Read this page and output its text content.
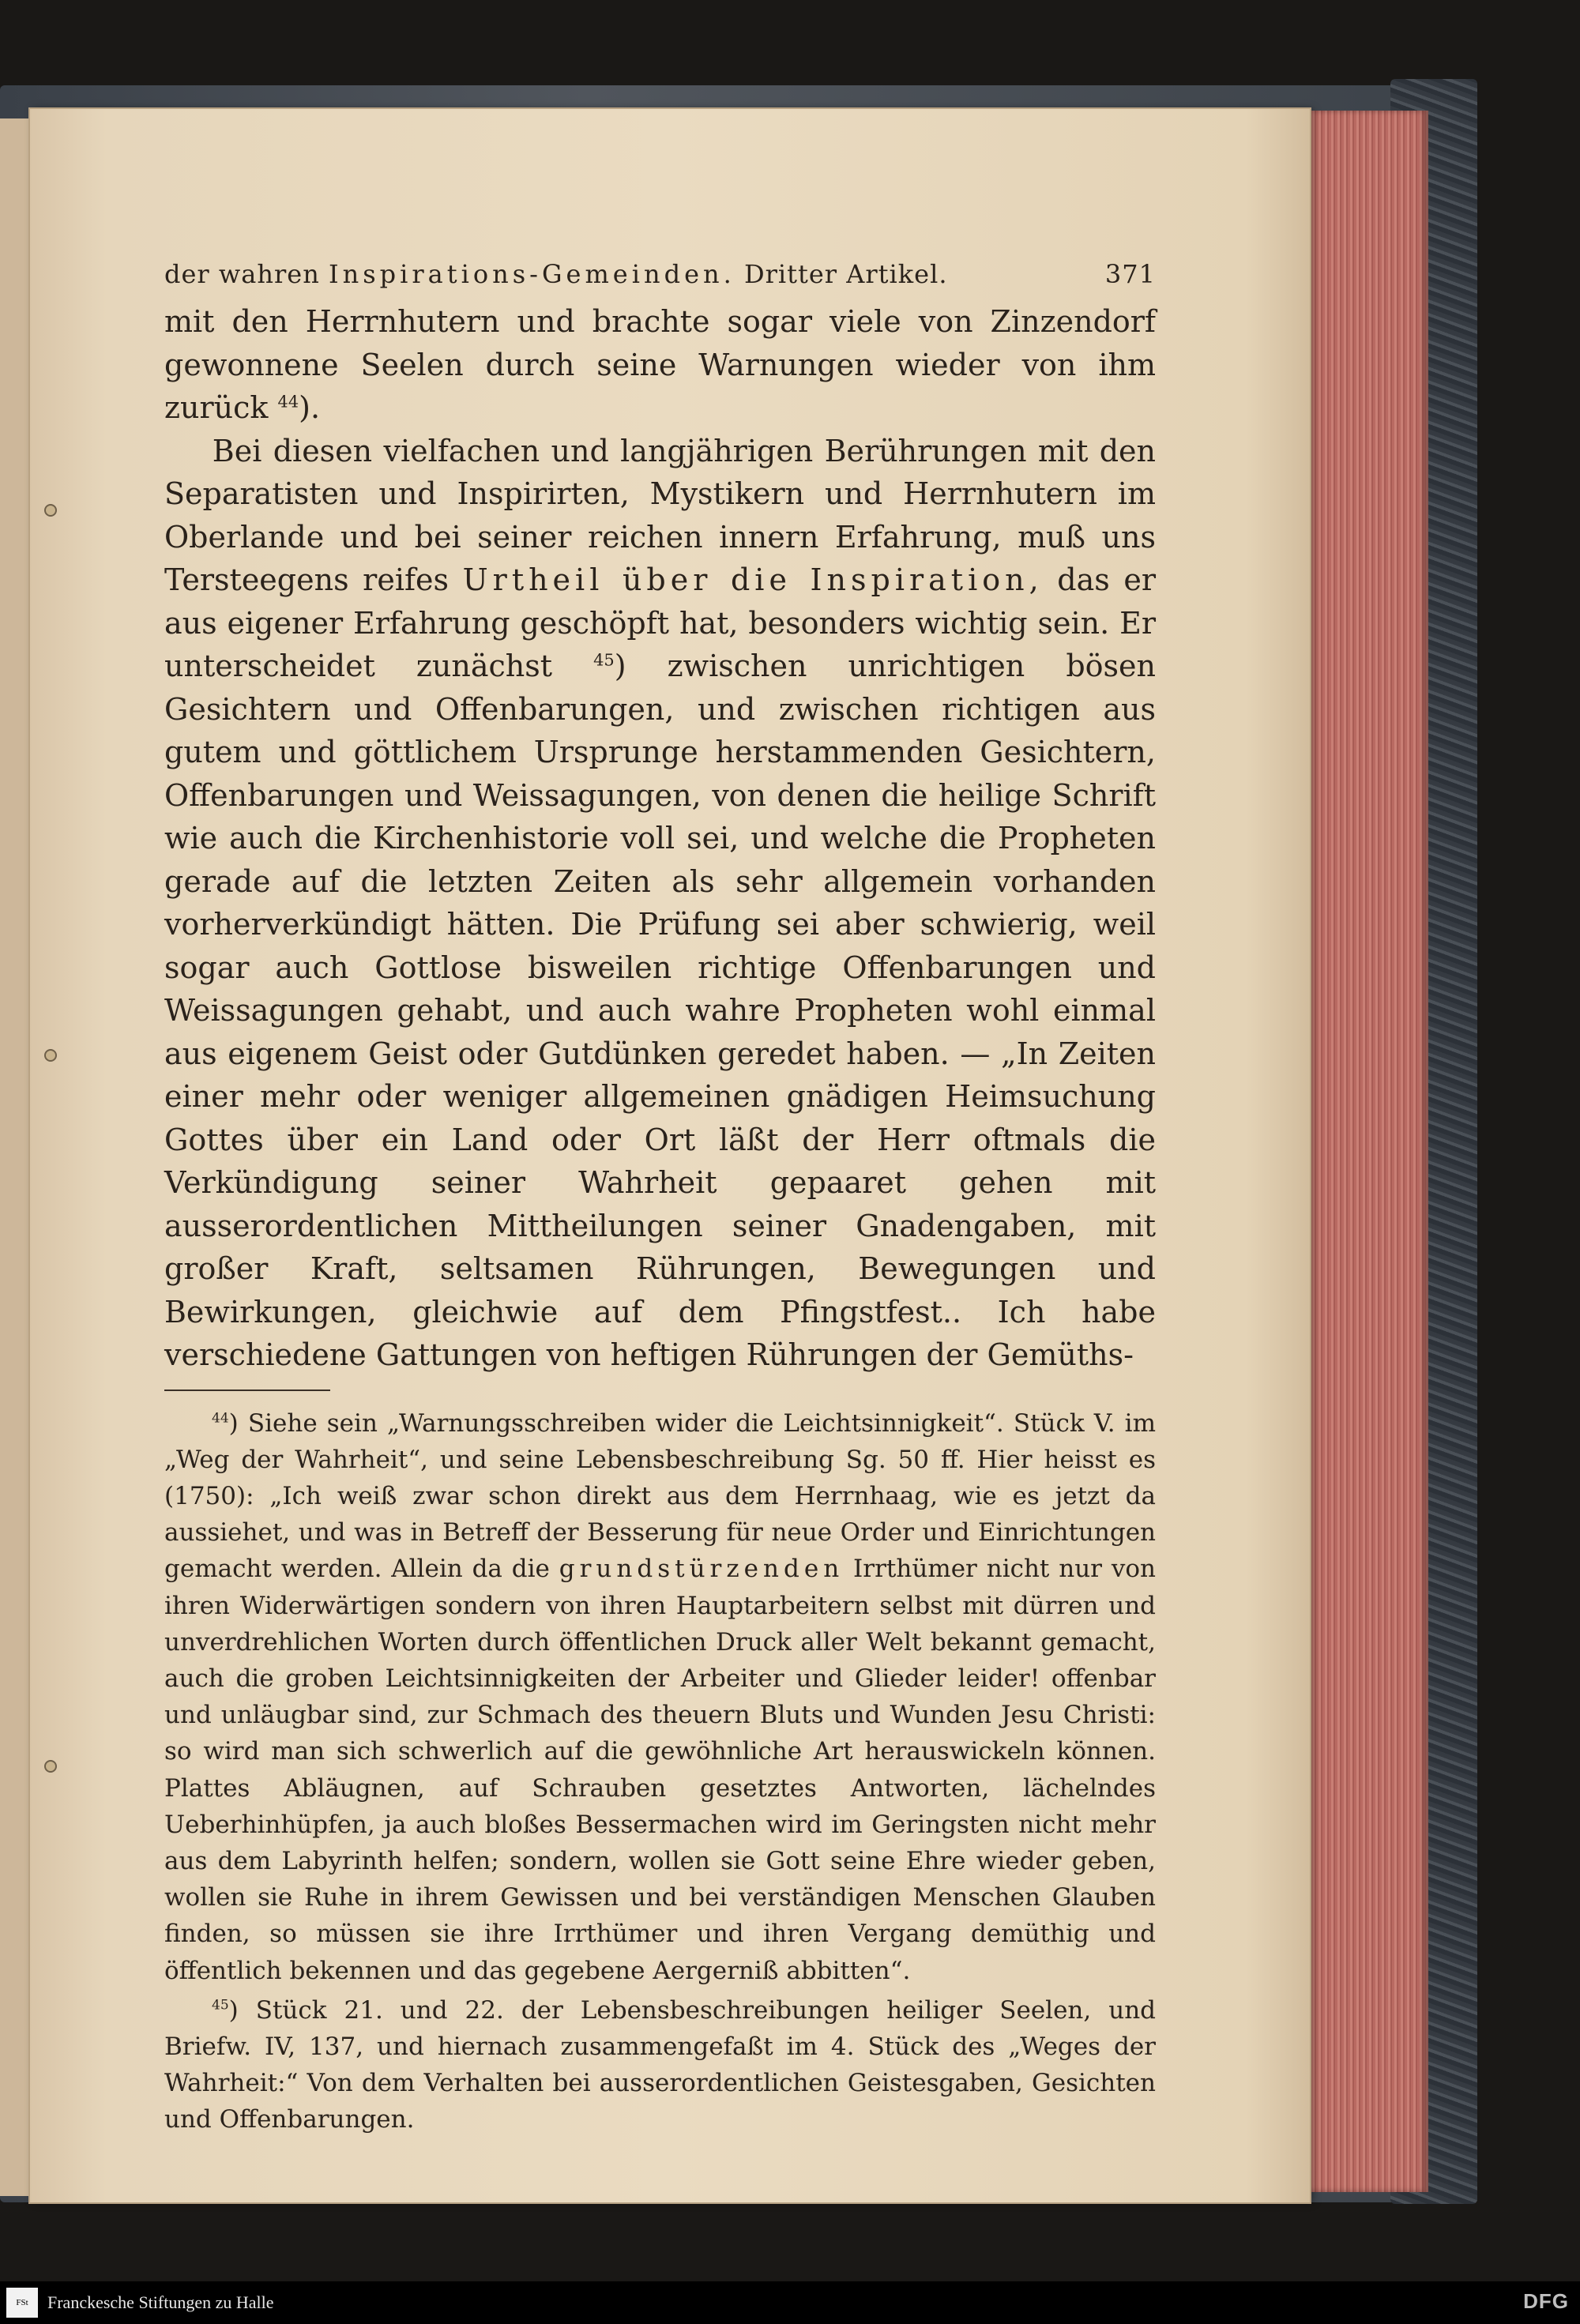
der wahren Inspirations-Gemeinden. Dritter Artikel.	371

mit den Herrnhutern und brachte sogar viele von Zinzendorf gewonnene Seelen durch seine Warnungen wieder von ihm zurück $^{44}$).

Bei diesen vielfachen und langjährigen Berührungen mit den Separatisten und Inspirirten, Mystikern und Herrnhutern im Oberlande und bei seiner reichen innern Erfahrung, muß uns Tersteegens reifes Urtheil über die Inspiration, das er aus eigener Erfahrung geschöpft hat, besonders wichtig sein. Er unterscheidet zunächst $^{45}$) zwischen unrichtigen bösen Gesichtern und Offenbarungen, und zwischen richtigen aus gutem und göttlichem Ursprunge herstammenden Gesichtern, Offenbarungen und Weissagungen, von denen die heilige Schrift wie auch die Kirchenhistorie voll sei, und welche die Propheten gerade auf die letzten Zeiten als sehr allgemein vorhanden vorherverkündigt hätten. Die Prüfung sei aber schwierig, weil sogar auch Gottlose bisweilen richtige Offenbarungen und Weissagungen gehabt, und auch wahre Propheten wohl einmal aus eigenem Geist oder Gutdünken geredet haben. — „In Zeiten einer mehr oder weniger allgemeinen gnädigen Heimsuchung Gottes über ein Land oder Ort läßt der Herr oftmals die Verkündigung seiner Wahrheit gepaaret gehen mit ausserordentlichen Mittheilungen seiner Gnadengaben, mit großer Kraft, seltsamen Rührungen, Bewegungen und Bewirkungen, gleichwie auf dem Pfingstfest.. Ich habe verschiedene Gattungen von heftigen Rührungen der Gemüths-

$^{44}$) Siehe sein „Warnungsschreiben wider die Leichtsinnigkeit“. Stück V. im „Weg der Wahrheit“, und seine Lebensbeschreibung Sg. 50 ff. Hier heisst es (1750): „Ich weiß zwar schon direkt aus dem Herrnhaag, wie es jetzt da aussiehet, und was in Betreff der Besserung für neue Order und Einrichtungen gemacht werden. Allein da die grundstürzenden Irrthümer nicht nur von ihren Widerwärtigen sondern von ihren Hauptarbeitern selbst mit dürren und unverdrehlichen Worten durch öffentlichen Druck aller Welt bekannt gemacht, auch die groben Leichtsinnigkeiten der Arbeiter und Glieder leider! offenbar und unläugbar sind, zur Schmach des theuern Bluts und Wunden Jesu Christi: so wird man sich schwerlich auf die gewöhnliche Art herauswickeln können. Plattes Abläugnen, auf Schrauben gesetztes Antworten, lächelndes Ueberhinhüpfen, ja auch bloßes Bessermachen wird im Geringsten nicht mehr aus dem Labyrinth helfen; sondern, wollen sie Gott seine Ehre wieder geben, wollen sie Ruhe in ihrem Gewissen und bei verständigen Menschen Glauben finden, so müssen sie ihre Irrthümer und ihren Vergang demüthig und öffentlich bekennen und das gegebene Aergerniß abbitten“.

$^{45}$) Stück 21. und 22. der Lebensbeschreibungen heiliger Seelen, und Briefw. IV, 137, und hiernach zusammengefaßt im 4. Stück des „Weges der Wahrheit:“ Von dem Verhalten bei ausserordentlichen Geistesgaben, Gesichten und Offenbarungen.

FSt	Franckesche Stiftungen zu Halle	DFG
